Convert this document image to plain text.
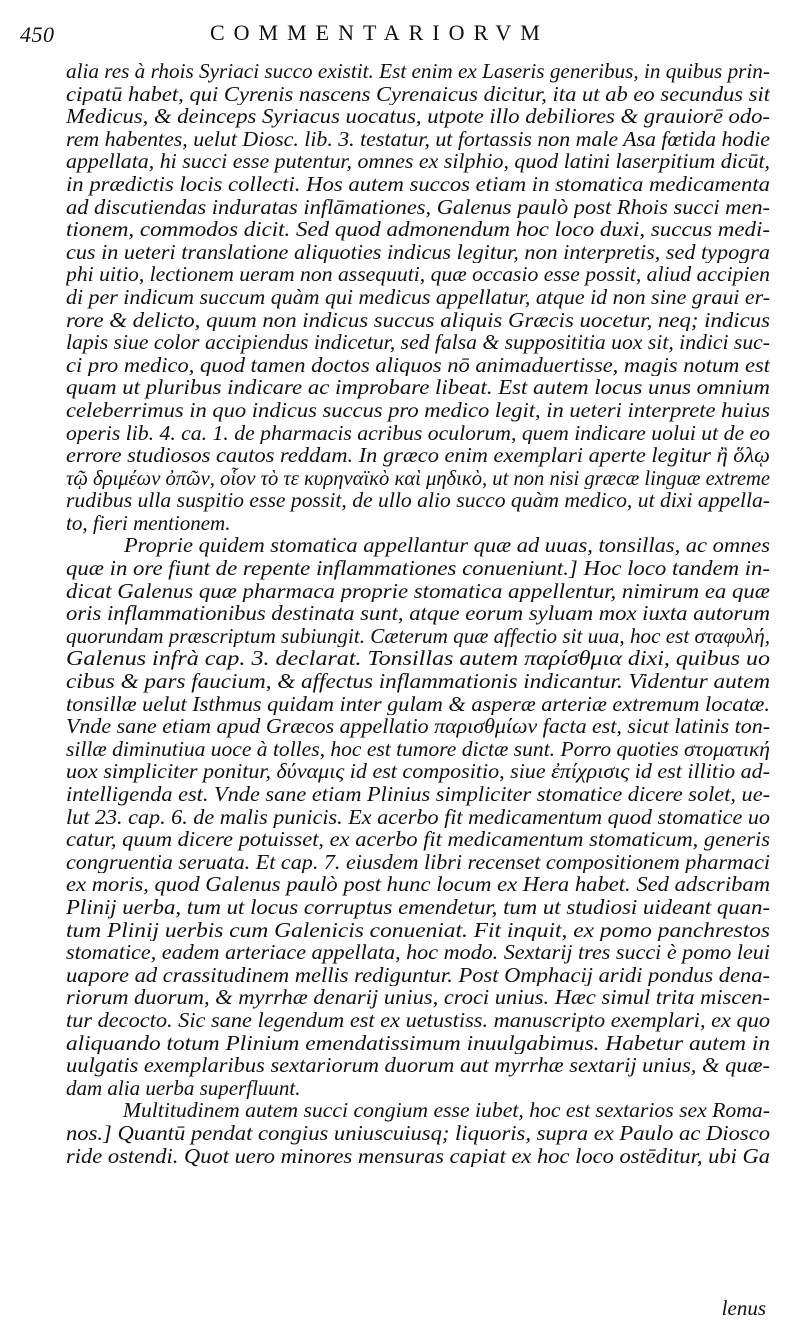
450	COMMENTARIORVM
alia res à rhois Syriaci succo existit. Est enim ex Laseris generibus, in quibus prin-
cipatū habet, qui Cyrenis nascens Cyrenaicus dicitur, ita ut ab eo secundus sit
Medicus, & deinceps Syriacus uocatus, utpote illo debiliores & grauiorē odo-
rem habentes, uelut Diosc. lib. 3. testatur, ut fortassis non male Asa fœtida hodie
appellata, hi succi esse putentur, omnes ex silphio, quod latini laserpitium dicūt,
in prædictis locis collecti. Hos autem succos etiam in stomatica medicamenta
ad discutiendas induratas inflāmationes, Galenus paulò post Rhois succi men-
tionem, commodos dicit. Sed quod admonendum hoc loco duxi, succus medi-
cus in ueteri translatione aliquoties indicus legitur, non interpretis, sed typogra
phi uitio, lectionem ueram non assequuti, quæ occasio esse possit, aliud accipien
di per indicum succum quàm qui medicus appellatur, atque id non sine graui er-
rore & delicto, quum non indicus succus aliquis Græcis uocetur, neq; indicus
lapis siue color accipiendus indicetur, sed falsa & supposititia uox sit, indici suc-
ci pro medico, quod tamen doctos aliquos nō animaduertisse, magis notum est
quam ut pluribus indicare ac improbare libeat. Est autem locus unus omnium
celeberrimus in quo indicus succus pro medico legit, in ueteri interprete huius
operis lib. 4. ca. 1. de pharmacis acribus oculorum, quem indicare uolui ut de eo
errore studiosos cautos reddam. In græco enim exemplari aperte legitur ἢ ὅλῳ
τῷ δριμέων ὀπῶν, οἷον τὸ τε κυρηναϊκὸ καὶ μηδικὸ, ut non nisi græcæ linguæ extreme
rudibus ulla suspitio esse possit, de ullo alio succo quàm medico, ut dixi appella-
to, fieri mentionem.
Proprie quidem stomatica appellantur quæ ad uuas, tonsillas, ac omnes
quæ in ore fiunt de repente inflammationes conueniunt.] Hoc loco tandem in-
dicat Galenus quæ pharmaca proprie stomatica appellentur, nimirum ea quæ
oris inflammationibus destinata sunt, atque eorum syluam mox iuxta autorum
quorundam præscriptum subiungit. Cæterum quæ affectio sit uua, hoc est σταφυλή,
Galenus infrà cap. 3. declarat. Tonsillas autem παρίσθμια dixi, quibus uo
cibus & pars faucium, & affectus inflammationis indicantur. Videntur autem
tonsillæ uelut Isthmus quidam inter gulam & asperæ arteriæ extremum locatæ.
Vnde sane etiam apud Græcos appellatio παρισθμίων facta est, sicut latinis ton-
sillæ diminutiua uoce à tolles, hoc est tumore dictæ sunt. Porro quoties στοματική
uox simpliciter ponitur, δύναμις id est compositio, siue ἐπίχρισις id est illitio ad-
intelligenda est. Vnde sane etiam Plinius simpliciter stomatice dicere solet, ue-
lut 23. cap. 6. de malis punicis. Ex acerbo fit medicamentum quod stomatice uo
catur, quum dicere potuisset, ex acerbo fit medicamentum stomaticum, generis
congruentia seruata. Et cap. 7. eiusdem libri recenset compositionem pharmaci
ex moris, quod Galenus paulò post hunc locum ex Hera habet. Sed adscribam
Plinij uerba, tum ut locus corruptus emendetur, tum ut studiosi uideant quan-
tum Plinij uerbis cum Galenicis conueniat. Fit inquit, ex pomo panchrestos
stomatice, eadem arteriace appellata, hoc modo. Sextarij tres succi è pomo leui
uapore ad crassitudinem mellis rediguntur. Post Omphacij aridi pondus dena-
riorum duorum, & myrrhæ denarij unius, croci unius. Hæc simul trita miscen-
tur decocto. Sic sane legendum est ex uetustiss. manuscripto exemplari, ex quo
aliquando totum Plinium emendatissimum inuulgabimus. Habetur autem in
uulgatis exemplaribus sextariorum duorum aut myrrhæ sextarij unius, & quæ-
dam alia uerba superfluunt.
Multitudinem autem succi congium esse iubet, hoc est sextarios sex Roma-
nos.] Quantū pendat congius uniuscuiusq; liquoris, supra ex Paulo ac Diosco
ride ostendi. Quot uero minores mensuras capiat ex hoc loco ostēditur, ubi Ga
lenus
